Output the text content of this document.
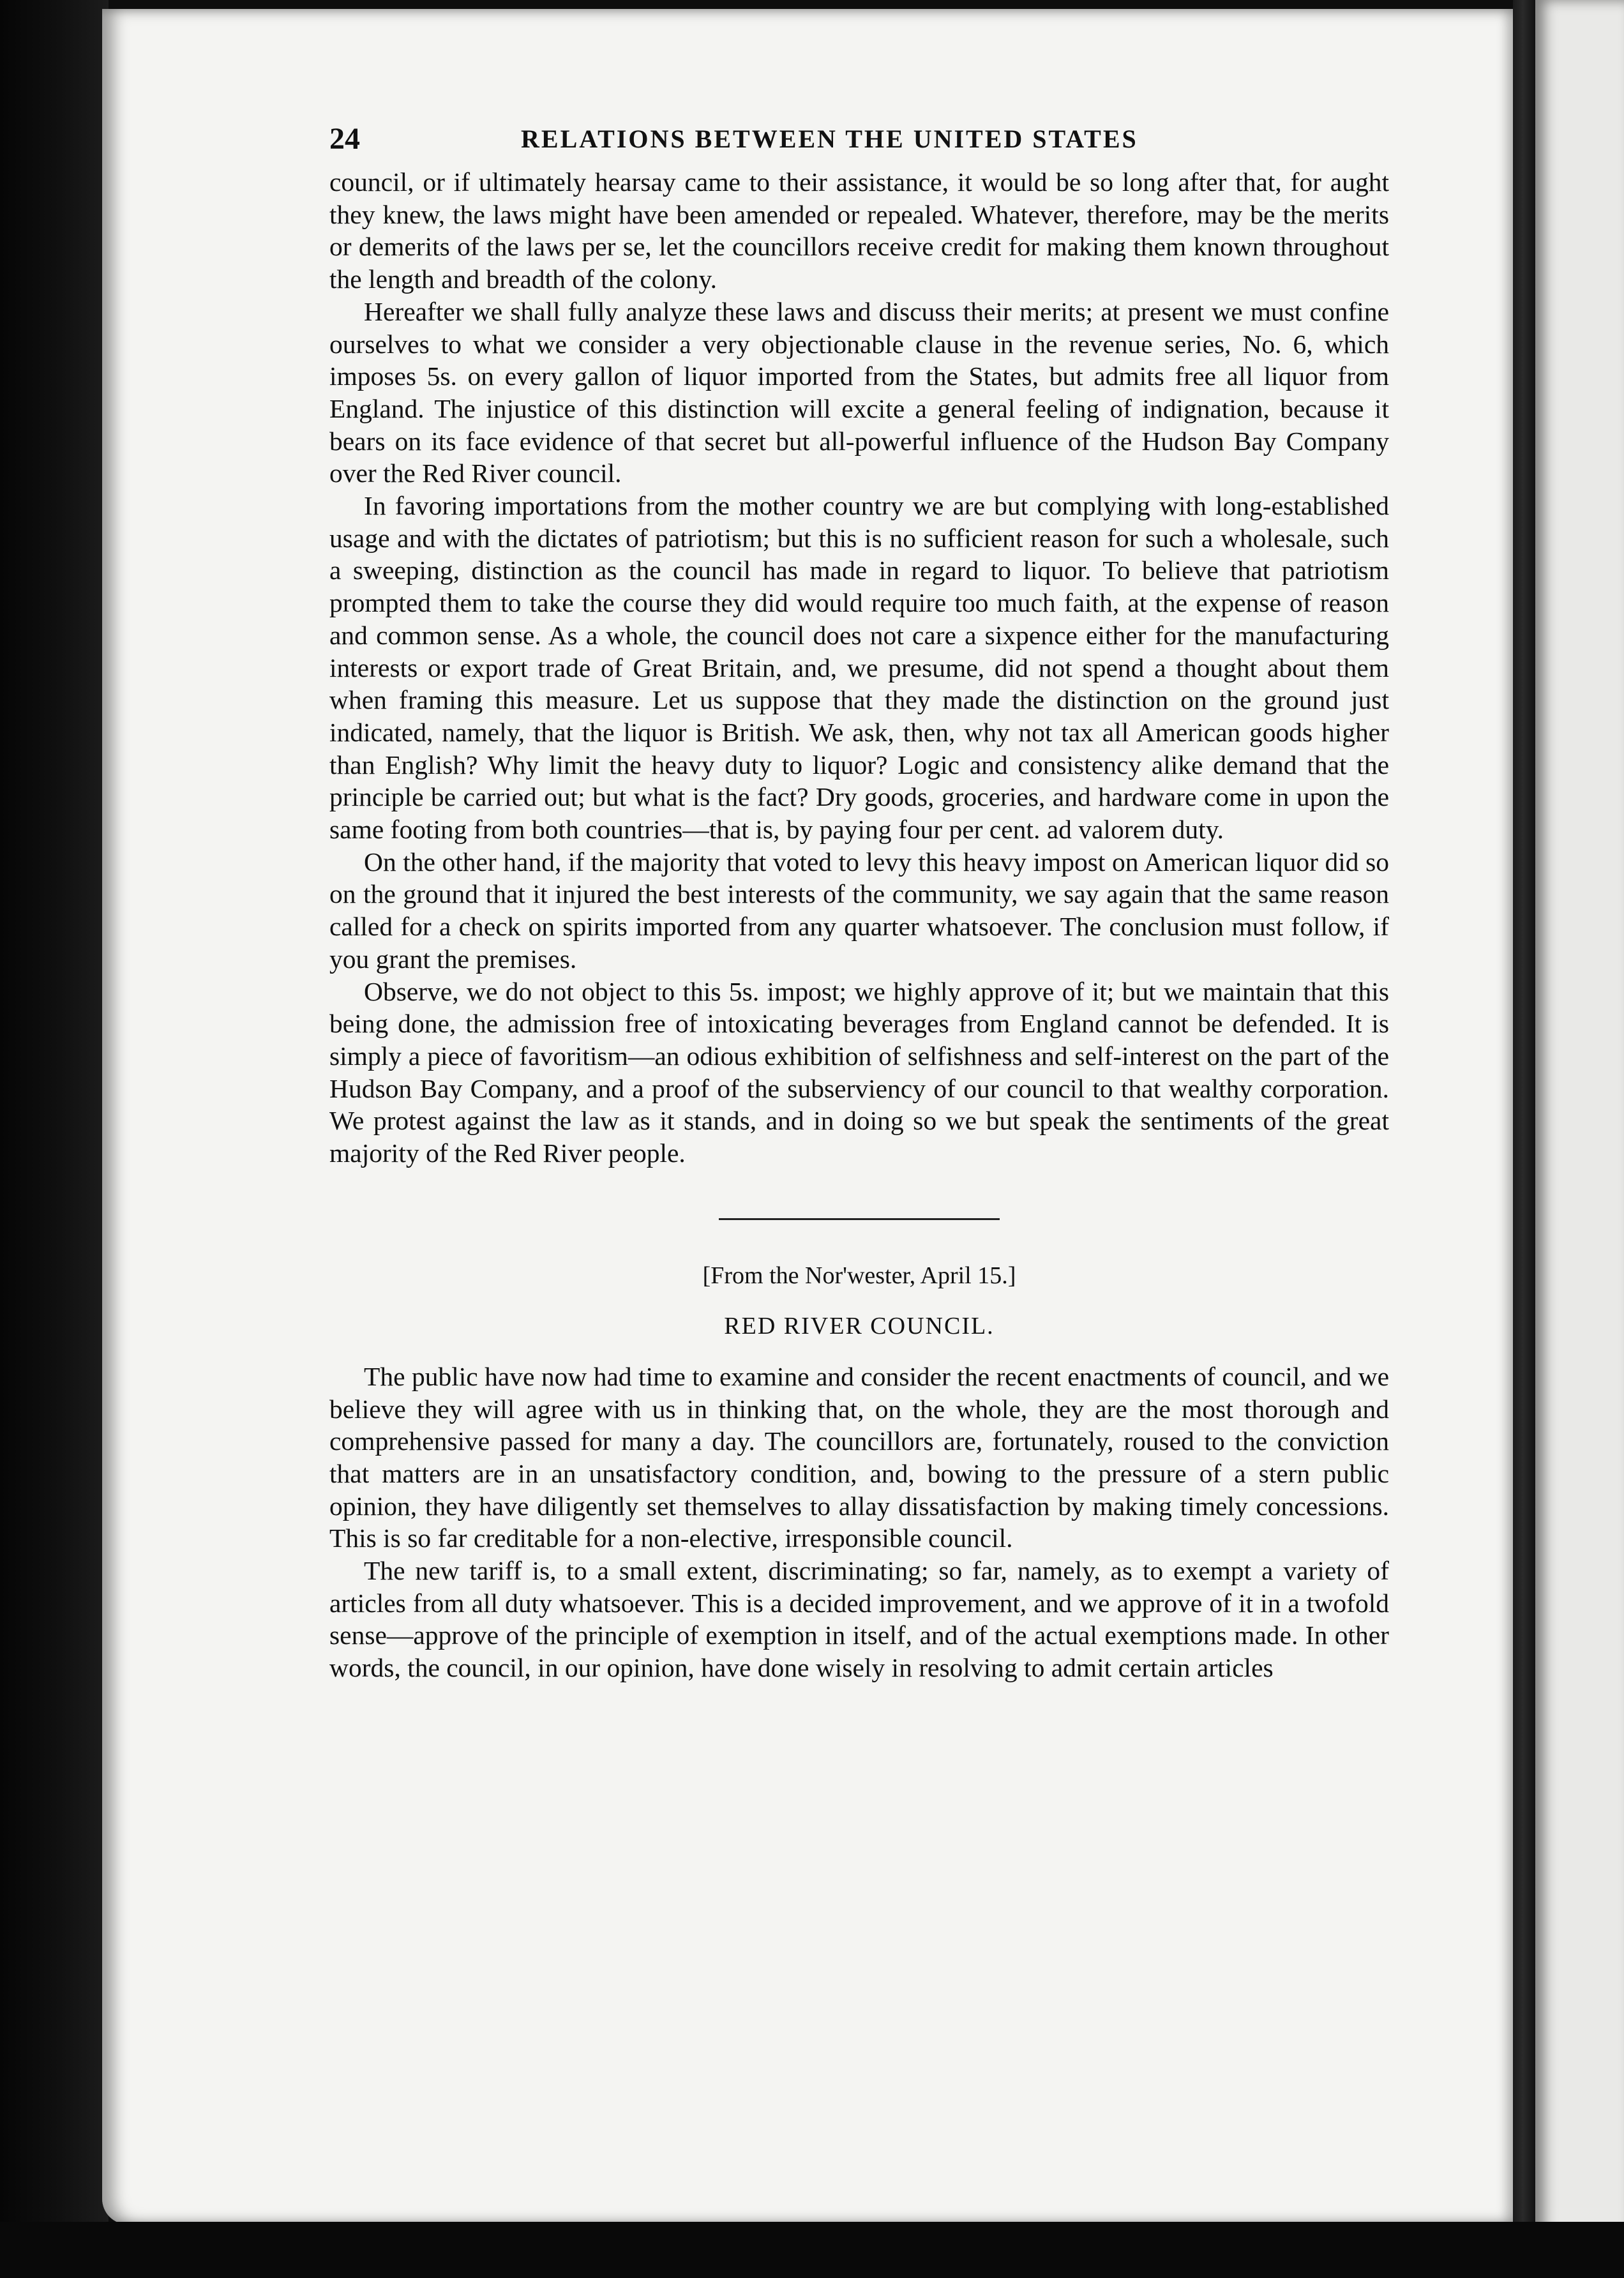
24	RELATIONS BETWEEN THE UNITED STATES

council, or if ultimately hearsay came to their assistance, it would be so long after that, for aught they knew, the laws might have been amended or repealed. Whatever, therefore, may be the merits or demerits of the laws per se, let the councillors receive credit for making them known throughout the length and breadth of the colony.

Hereafter we shall fully analyze these laws and discuss their merits; at present we must confine ourselves to what we consider a very objectionable clause in the revenue series, No. 6, which imposes 5s. on every gallon of liquor imported from the States, but admits free all liquor from England. The injustice of this distinction will excite a general feeling of indignation, because it bears on its face evidence of that secret but all-powerful influence of the Hudson Bay Company over the Red River council.

In favoring importations from the mother country we are but complying with long-established usage and with the dictates of patriotism; but this is no sufficient reason for such a wholesale, such a sweeping, distinction as the council has made in regard to liquor. To believe that patriotism prompted them to take the course they did would require too much faith, at the expense of reason and common sense. As a whole, the council does not care a sixpence either for the manufacturing interests or export trade of Great Britain, and, we presume, did not spend a thought about them when framing this measure. Let us suppose that they made the distinction on the ground just indicated, namely, that the liquor is British. We ask, then, why not tax all American goods higher than English? Why limit the heavy duty to liquor? Logic and consistency alike demand that the principle be carried out; but what is the fact? Dry goods, groceries, and hardware come in upon the same footing from both countries—that is, by paying four per cent. ad valorem duty.

On the other hand, if the majority that voted to levy this heavy impost on American liquor did so on the ground that it injured the best interests of the community, we say again that the same reason called for a check on spirits imported from any quarter whatsoever. The conclusion must follow, if you grant the premises.

Observe, we do not object to this 5s. impost; we highly approve of it; but we maintain that this being done, the admission free of intoxicating beverages from England cannot be defended. It is simply a piece of favoritism—an odious exhibition of selfishness and self-interest on the part of the Hudson Bay Company, and a proof of the subserviency of our council to that wealthy corporation. We protest against the law as it stands, and in doing so we but speak the sentiments of the great majority of the Red River people.

[From the Nor'wester, April 15.]
RED RIVER COUNCIL.

The public have now had time to examine and consider the recent enactments of council, and we believe they will agree with us in thinking that, on the whole, they are the most thorough and comprehensive passed for many a day. The councillors are, fortunately, roused to the conviction that matters are in an unsatisfactory condition, and, bowing to the pressure of a stern public opinion, they have diligently set themselves to allay dissatisfaction by making timely concessions. This is so far creditable for a non-elective, irresponsible council.

The new tariff is, to a small extent, discriminating; so far, namely, as to exempt a variety of articles from all duty whatsoever. This is a decided improvement, and we approve of it in a twofold sense—approve of the principle of exemption in itself, and of the actual exemptions made. In other words, the council, in our opinion, have done wisely in resolving to admit certain articles
